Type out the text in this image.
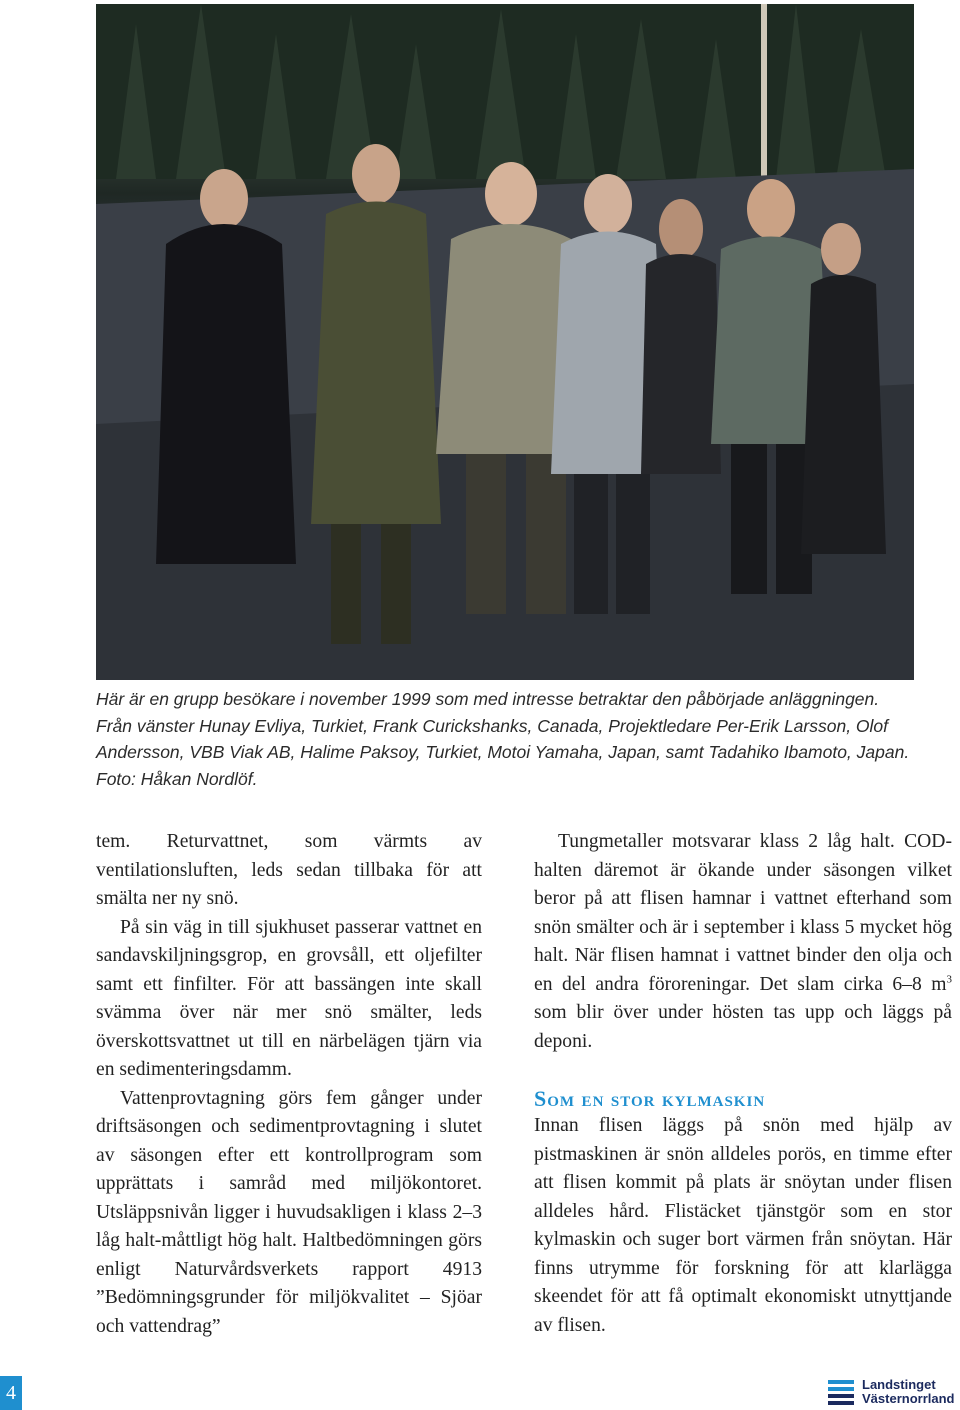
Här är en grupp besökare i november 1999 som med intresse betraktar den påbörjade anläggningen. Från vänster Hunay Evliya, Turkiet, Frank Curickshanks, Canada, Projektledare Per-Erik Larsson, Olof Andersson, VBB Viak AB, Halime Paksoy, Turkiet, Motoi Yamaha, Japan, samt Tadahiko Ibamoto, Japan. Foto: Håkan Nordlöf.

tem. Returvattnet, som värmts av ventilationsluften, leds sedan tillbaka för att smälta ner ny snö.

På sin väg in till sjukhuset passerar vattnet en sandavskiljningsgrop, en grovsåll, ett oljefilter samt ett finfilter. För att bassängen inte skall svämma över när mer snö smälter, leds överskottsvattnet ut till en närbelägen tjärn via en sedimenteringsdamm.

Vattenprovtagning görs fem gånger under driftsäsongen och sedimentprovtagning i slutet av säsongen efter ett kontrollprogram som upprättats i samråd med miljökontoret. Utsläppsnivån ligger i huvudsakligen i klass 2–3 låg halt-måttligt hög halt. Haltbedömningen görs enligt Naturvårdsverkets rapport 4913 ”Bedömningsgrunder för miljökvalitet – Sjöar och vattendrag”

Tungmetaller motsvarar klass 2 låg halt. COD-halten däremot är ökande under säsongen vilket beror på att flisen hamnar i vattnet efterhand som snön smälter och är i september i klass 5 mycket hög halt. När flisen hamnat i vattnet binder den olja och en del andra föroreningar. Det slam cirka 6–8 $m^3$ som blir över under hösten tas upp och läggs på deponi.

Som en stor kylmaskin

Innan flisen läggs på snön med hjälp av pistmaskinen är snön alldeles porös, en timme efter att flisen kommit på plats är snöytan under flisen alldeles hård. Flistäcket tjänstgör som en stor kylmaskin och suger bort värmen från snöytan. Här finns utrymme för forskning för att klarlägga skeendet för att få optimalt ekonomiskt utnyttjande av flisen.

4	Landstinget
Västernorrland
